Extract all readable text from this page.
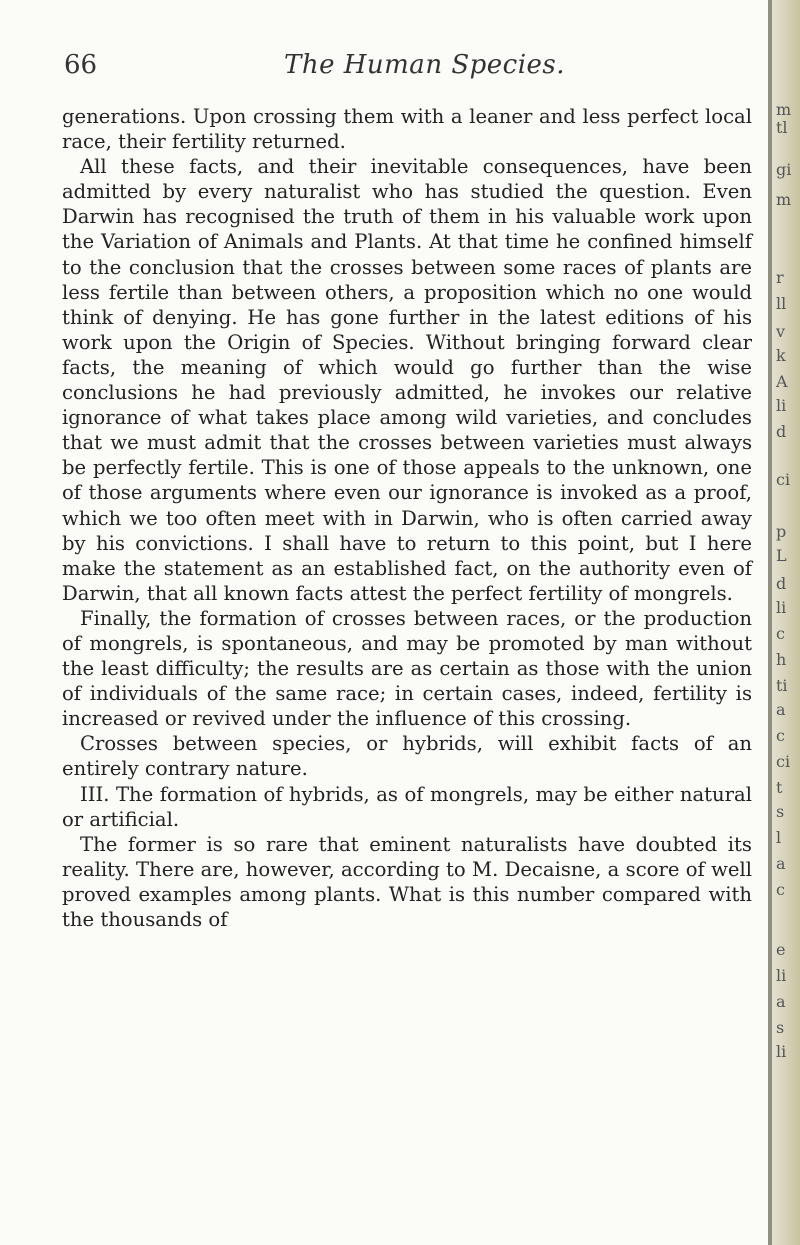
66	The Human Species.

generations. Upon crossing them with a leaner and less perfect local race, their fertility returned.

All these facts, and their inevitable consequences, have been admitted by every naturalist who has studied the question. Even Darwin has recognised the truth of them in his valuable work upon the Variation of Animals and Plants. At that time he confined himself to the conclusion that the crosses between some races of plants are less fertile than between others, a proposition which no one would think of denying. He has gone further in the latest editions of his work upon the Origin of Species. Without bringing forward clear facts, the meaning of which would go further than the wise conclusions he had previously admitted, he invokes our relative ignorance of what takes place among wild varieties, and concludes that we must admit that the crosses between varieties must always be perfectly fertile. This is one of those appeals to the unknown, one of those arguments where even our ignorance is invoked as a proof, which we too often meet with in Darwin, who is often carried away by his convictions. I shall have to return to this point, but I here make the statement as an established fact, on the authority even of Darwin, that all known facts attest the perfect fertility of mongrels.

Finally, the formation of crosses between races, or the production of mongrels, is spontaneous, and may be promoted by man without the least difficulty; the results are as certain as those with the union of individuals of the same race; in certain cases, indeed, fertility is increased or revived under the influence of this crossing.

Crosses between species, or hybrids, will exhibit facts of an entirely contrary nature.

III. The formation of hybrids, as of mongrels, may be either natural or artificial.

The former is so rare that eminent naturalists have doubted its reality. There are, however, according to M. Decaisne, a score of well proved examples among plants. What is this number compared with the thousands of

m
tl
gi
m
r
ll
v
k
A
li
d
ci
p
L
d
li
c
h
ti
a
c
ci
t
s
l
a
c
e
li
a
s
li
